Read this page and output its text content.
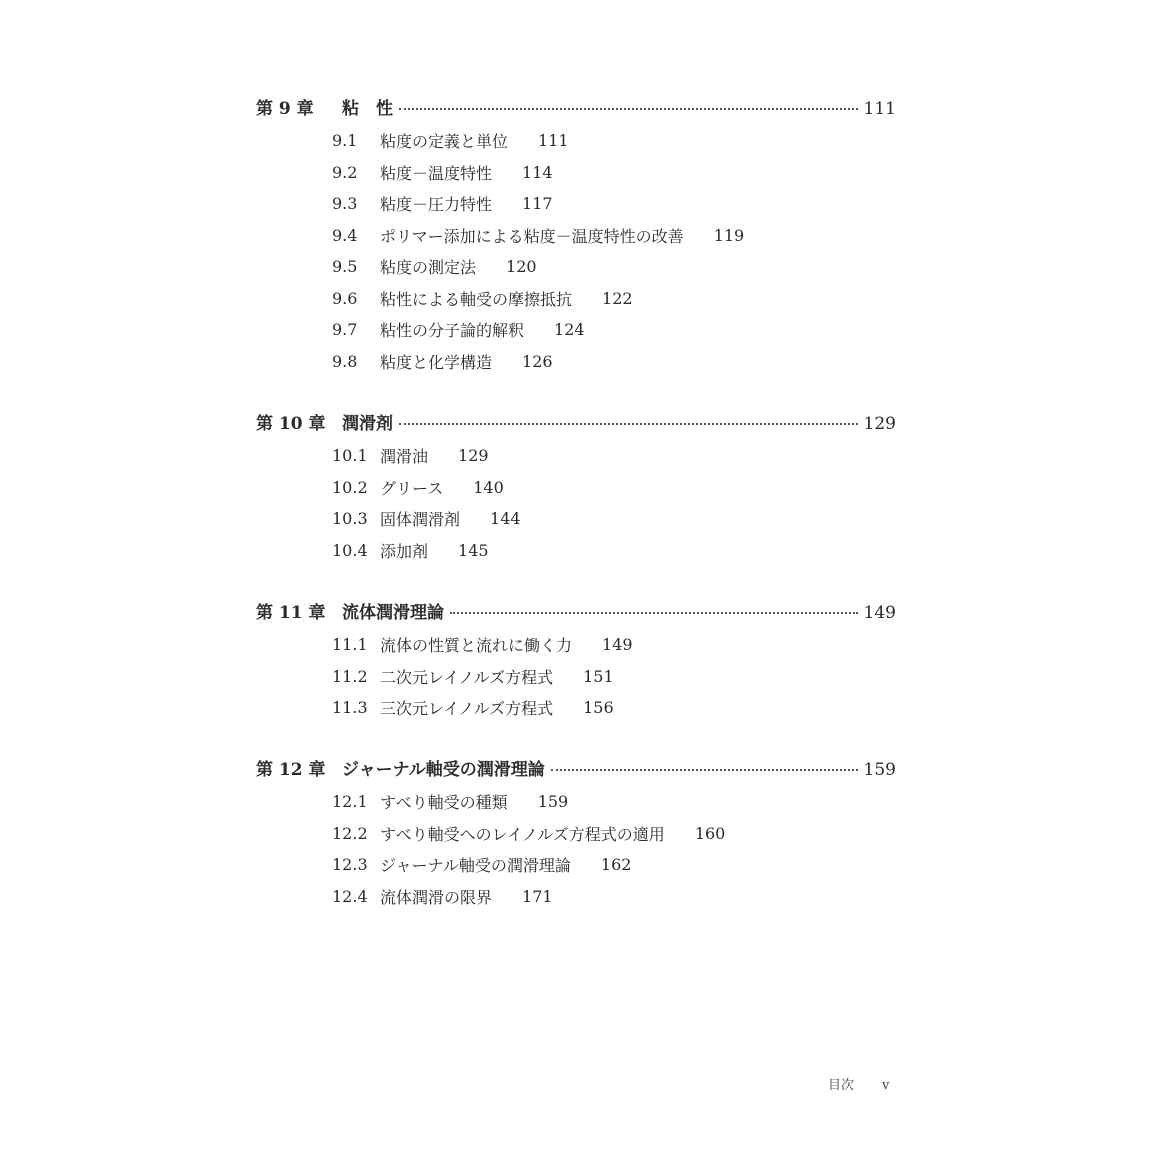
第 9 章	粘　性	111
9.1	粘度の定義と単位 111
9.2	粘度－温度特性 114
9.3	粘度－圧力特性 117
9.4	ポリマー添加による粘度－温度特性の改善 119
9.5	粘度の測定法 120
9.6	粘性による軸受の摩擦抵抗 122
9.7	粘性の分子論的解釈 124
9.8	粘度と化学構造 126
第 10 章 潤滑剤	129
10.1 潤滑油 129
10.2 グリース 140
10.3 固体潤滑剤 144
10.4 添加剤 145
第 11 章 流体潤滑理論	149
11.1 流体の性質と流れに働く力 149
11.2 二次元レイノルズ方程式 151
11.3 三次元レイノルズ方程式 156
第 12 章 ジャーナル軸受の潤滑理論	159
12.1 すべり軸受の種類 159
12.2 すべり軸受へのレイノルズ方程式の適用 160
12.3 ジャーナル軸受の潤滑理論 162
12.4 流体潤滑の限界 171
目次 v
